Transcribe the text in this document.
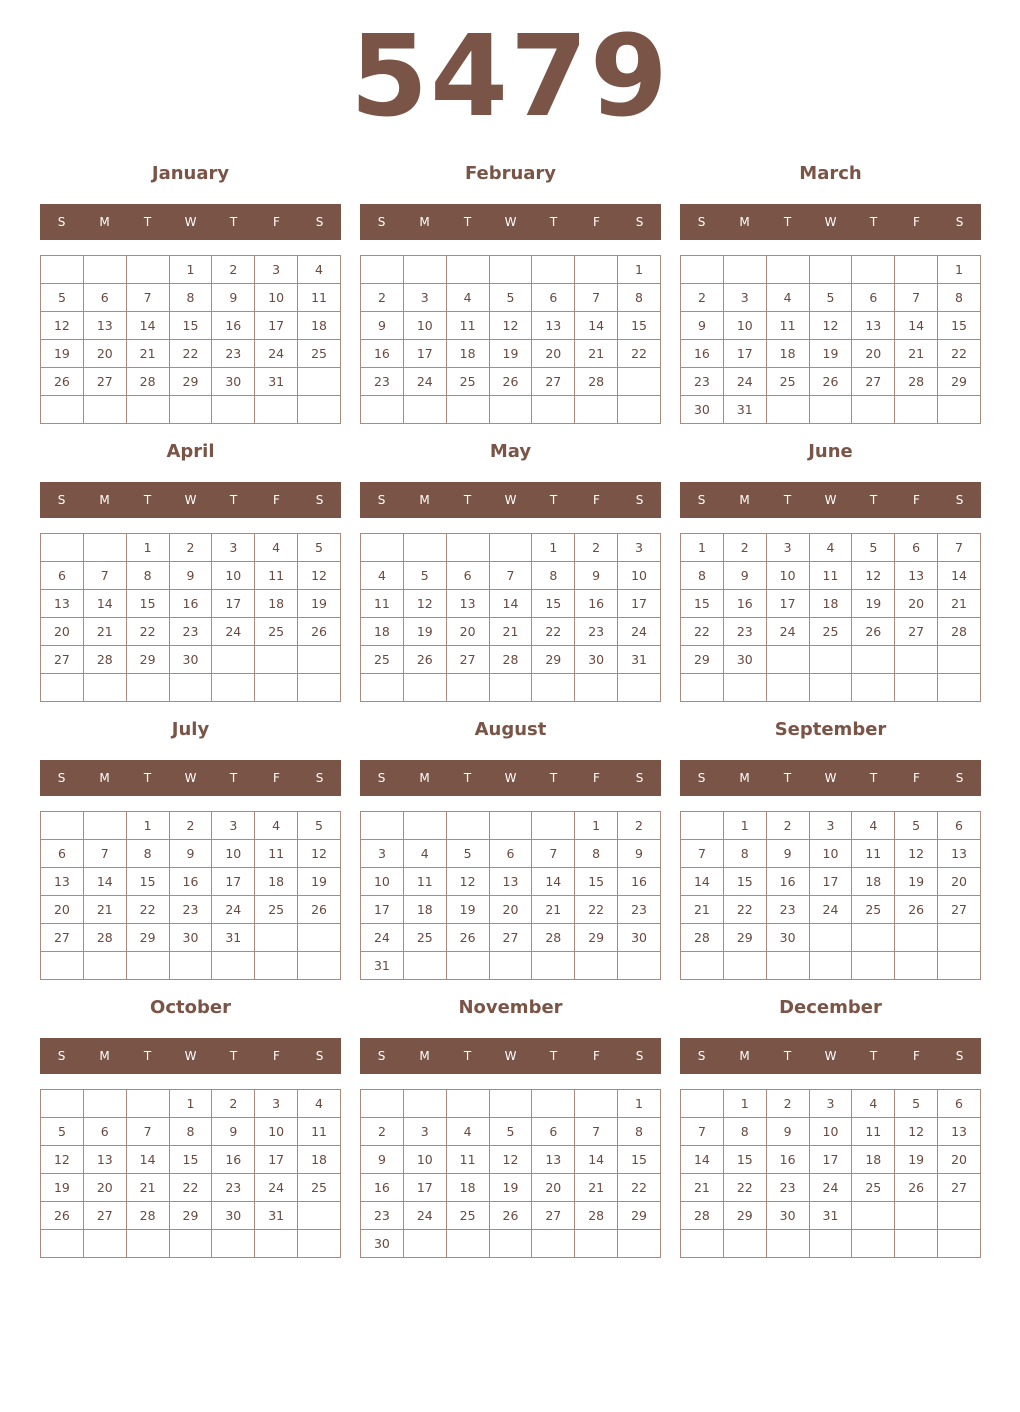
5479
January
S	M	T	W	T	F	S
			1	2	3	4
5	6	7	8	9	10	11
12	13	14	15	16	17	18
19	20	21	22	23	24	25
26	27	28	29	30	31	

February
S	M	T	W	T	F	S
						1
2	3	4	5	6	7	8
9	10	11	12	13	14	15
16	17	18	19	20	21	22
23	24	25	26	27	28	

March
S	M	T	W	T	F	S
						1
2	3	4	5	6	7	8
9	10	11	12	13	14	15
16	17	18	19	20	21	22
23	24	25	26	27	28	29
30	31					
April
S	M	T	W	T	F	S
		1	2	3	4	5
6	7	8	9	10	11	12
13	14	15	16	17	18	19
20	21	22	23	24	25	26
27	28	29	30			

May
S	M	T	W	T	F	S
				1	2	3
4	5	6	7	8	9	10
11	12	13	14	15	16	17
18	19	20	21	22	23	24
25	26	27	28	29	30	31

June
S	M	T	W	T	F	S
1	2	3	4	5	6	7
8	9	10	11	12	13	14
15	16	17	18	19	20	21
22	23	24	25	26	27	28
29	30					

July
S	M	T	W	T	F	S
		1	2	3	4	5
6	7	8	9	10	11	12
13	14	15	16	17	18	19
20	21	22	23	24	25	26
27	28	29	30	31		

August
S	M	T	W	T	F	S
					1	2
3	4	5	6	7	8	9
10	11	12	13	14	15	16
17	18	19	20	21	22	23
24	25	26	27	28	29	30
31						
September
S	M	T	W	T	F	S
	1	2	3	4	5	6
7	8	9	10	11	12	13
14	15	16	17	18	19	20
21	22	23	24	25	26	27
28	29	30				

October
S	M	T	W	T	F	S
			1	2	3	4
5	6	7	8	9	10	11
12	13	14	15	16	17	18
19	20	21	22	23	24	25
26	27	28	29	30	31	

November
S	M	T	W	T	F	S
						1
2	3	4	5	6	7	8
9	10	11	12	13	14	15
16	17	18	19	20	21	22
23	24	25	26	27	28	29
30						
December
S	M	T	W	T	F	S
	1	2	3	4	5	6
7	8	9	10	11	12	13
14	15	16	17	18	19	20
21	22	23	24	25	26	27
28	29	30	31			
